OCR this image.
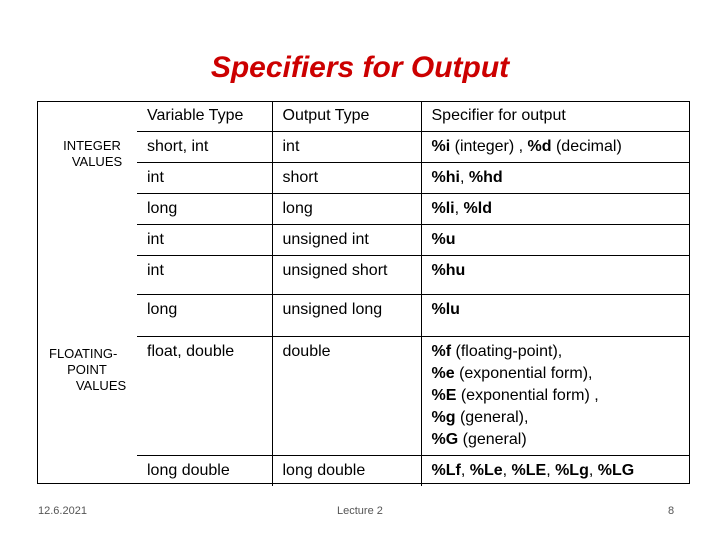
Specifiers for Output
INTEGER
VALUES
FLOATING-
POINT
VALUES
Variable Type	Output Type	Specifier for output
short, int	int	%i (integer) , %d (decimal)
int	short	%hi, %hd
long	long	%li, %ld
int	unsigned int	%u
int	unsigned short	%hu
long	unsigned long	%lu
float, double	double	%f (floating-point),
%e (exponential form),
%E (exponential form) ,
%g (general),
%G (general)

long double	long double	%Lf, %Le, %LE, %Lg, %LG
12.6.2021	Lecture 2	8
